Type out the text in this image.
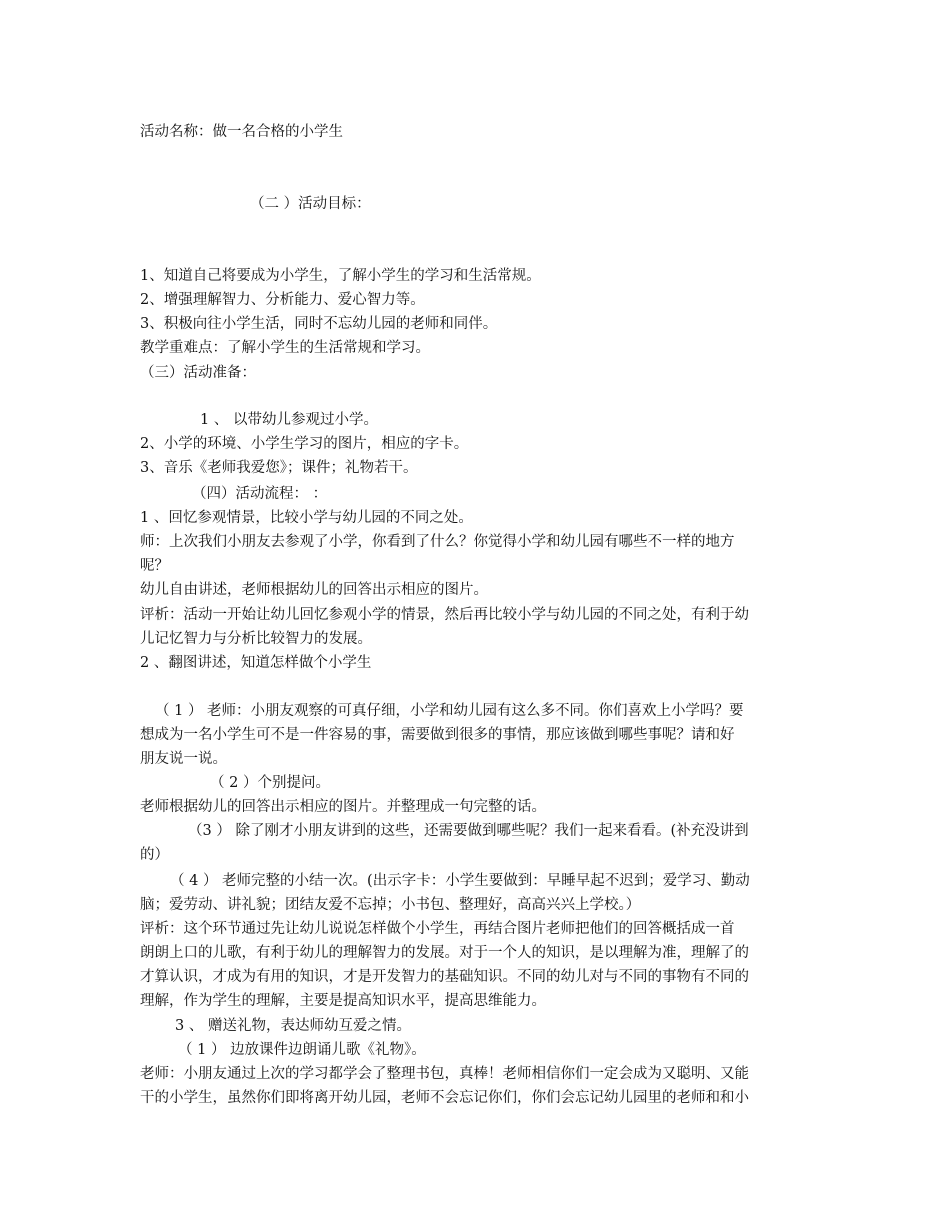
活动名称：做一名合格的小学生
（二 ）活动目标：
1、知道自己将要成为小学生，了解小学生的学习和生活常规。
2、增强理解智力、分析能力、爱心智力等。
3、积极向往小学生活，同时不忘幼儿园的老师和同伴。
教学重难点：了解小学生的生活常规和学习。
（三）活动准备：
1 、 以带幼儿参观过小学。
2、小学的环境、小学生学习的图片，相应的字卡。
3、音乐《老师我爱您》；课件；礼物若干。
（四）活动流程： ：
1 、回忆参观情景，比较小学与幼儿园的不同之处。
师：上次我们小朋友去参观了小学，你看到了什么？你觉得小学和幼儿园有哪些不一样的地方
呢？
幼儿自由讲述，老师根据幼儿的回答出示相应的图片。
评析：活动一开始让幼儿回忆参观小学的情景，然后再比较小学与幼儿园的不同之处，有利于幼
儿记忆智力与分析比较智力的发展。
2 、翻图讲述，知道怎样做个小学生
（ 1 ） 老师：小朋友观察的可真仔细，小学和幼儿园有这么多不同。你们喜欢上小学吗？要
想成为一名小学生可不是一件容易的事，需要做到很多的事情，那应该做到哪些事呢？请和好
朋友说一说。
（ 2 ）个别提问。
老师根据幼儿的回答出示相应的图片。并整理成一句完整的话。
（3 ） 除了刚才小朋友讲到的这些，还需要做到哪些呢？我们一起来看看。(补充没讲到
的）
（ 4 ） 老师完整的小结一次。(出示字卡：小学生要做到：早睡早起不迟到；爱学习、勤动
脑；爱劳动、讲礼貌；团结友爱不忘掉；小书包、整理好，高高兴兴上学校。）
评析：这个环节通过先让幼儿说说怎样做个小学生，再结合图片老师把他们的回答概括成一首
朗朗上口的儿歌，有利于幼儿的理解智力的发展。对于一个人的知识，是以理解为准，理解了的
才算认识，才成为有用的知识，才是开发智力的基础知识。不同的幼儿对与不同的事物有不同的
理解，作为学生的理解，主要是提高知识水平，提高思维能力。
3 、 赠送礼物，表达师幼互爱之情。
（ 1 ） 边放课件边朗诵儿歌《礼物》。
老师：小朋友通过上次的学习都学会了整理书包，真棒！老师相信你们一定会成为又聪明、又能
干的小学生，虽然你们即将离开幼儿园，老师不会忘记你们，你们会忘记幼儿园里的老师和和小
